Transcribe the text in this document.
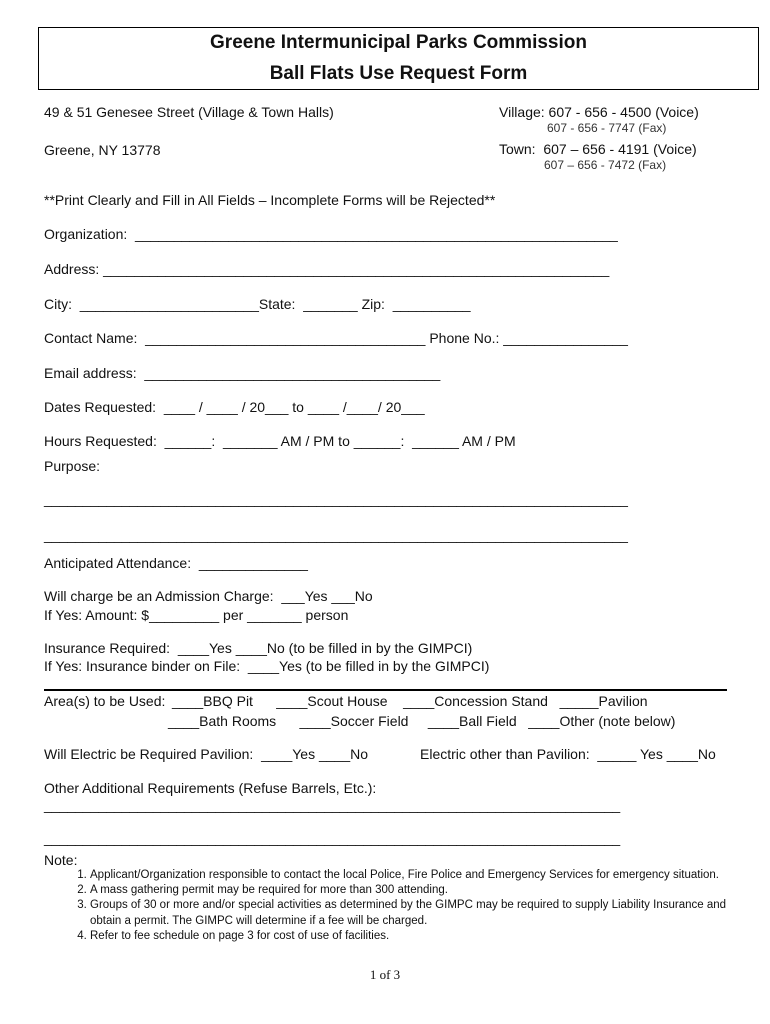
Greene Intermunicipal Parks Commission
Ball Flats Use Request Form
49 & 51 Genesee Street (Village & Town Halls)
Greene, NY 13778
Village: 607 - 656 - 4500 (Voice)
607 - 656 - 7747 (Fax)
Town:  607 – 656 - 4191 (Voice)
607 – 656 - 7472 (Fax)
**Print Clearly and Fill in All Fields – Incomplete Forms will be Rejected**
Organization:  ______________________________________________________________
Address: _________________________________________________________________
City:  _______________________State:  _______ Zip:  __________
Contact Name:  ____________________________________ Phone No.: ________________
Email address:  ______________________________________
Dates Requested:  ____ / ____ / 20___ to ____ /____/ 20___
Hours Requested:  ______:  _______ AM / PM to ______:  ______ AM / PM
Purpose:
___________________________________________________________________________
___________________________________________________________________________
Anticipated Attendance:  ______________
Will charge be an Admission Charge:  ___Yes ___No
If Yes: Amount: $_________ per _______ person
Insurance Required:  ____Yes ____No (to be filled in by the GIMPCI)
If Yes: Insurance binder on File:  ____Yes (to be filled in by the GIMPCI)
Area(s) to be Used: ____BBQ Pit      ____Scout House    ____Concession Stand   _____Pavilion
____Bath Rooms      ____Soccer Field     ____Ball Field   ____Other (note below)
Will Electric be Required Pavilion:  ____Yes ____No	Electric other than Pavilion:  _____ Yes ____No
Other Additional Requirements (Refuse Barrels, Etc.):
__________________________________________________________________________
__________________________________________________________________________
Note:
1. Applicant/Organization responsible to contact the local Police, Fire Police and Emergency Services for emergency situation.
2. A mass gathering permit may be required for more than 300 attending.
3. Groups of 30 or more and/or special activities as determined by the GIMPC may be required to supply Liability Insurance and obtain a permit. The GIMPC will determine if a fee will be charged.
4. Refer to fee schedule on page 3 for cost of use of facilities.
1 of 3
